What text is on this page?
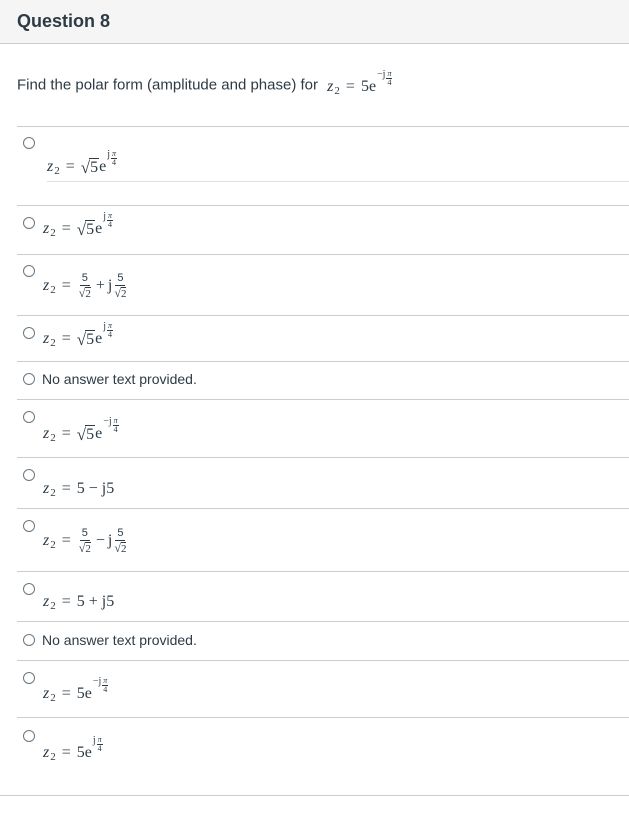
Question 8
Find the polar form (amplitude and phase) for z 2 = 5e
$-j \frac{\pi}{4}$
z 2 = √ 5 e
j $\frac{\pi}{4}$
z 2 = √ 5 e
j $\frac{\pi}{4}$
z $2 = \frac{5}{√ 2} + j \frac{5}{√ 2}$
z 2 = √ 5 e
j $\frac{\pi}{4}$
No answer text provided.
z 2 = √ 5 e
$-j \frac{\pi}{4}$
z 2 = 5 − j5
z $2 = \frac{5}{√ 2} - j \frac{5}{√ 2}$
z 2 = 5 + j5
No answer text provided.
z 2 = 5e
$-j \frac{\pi}{4}$
z 2 = 5e
j $\frac{\pi}{4}$
